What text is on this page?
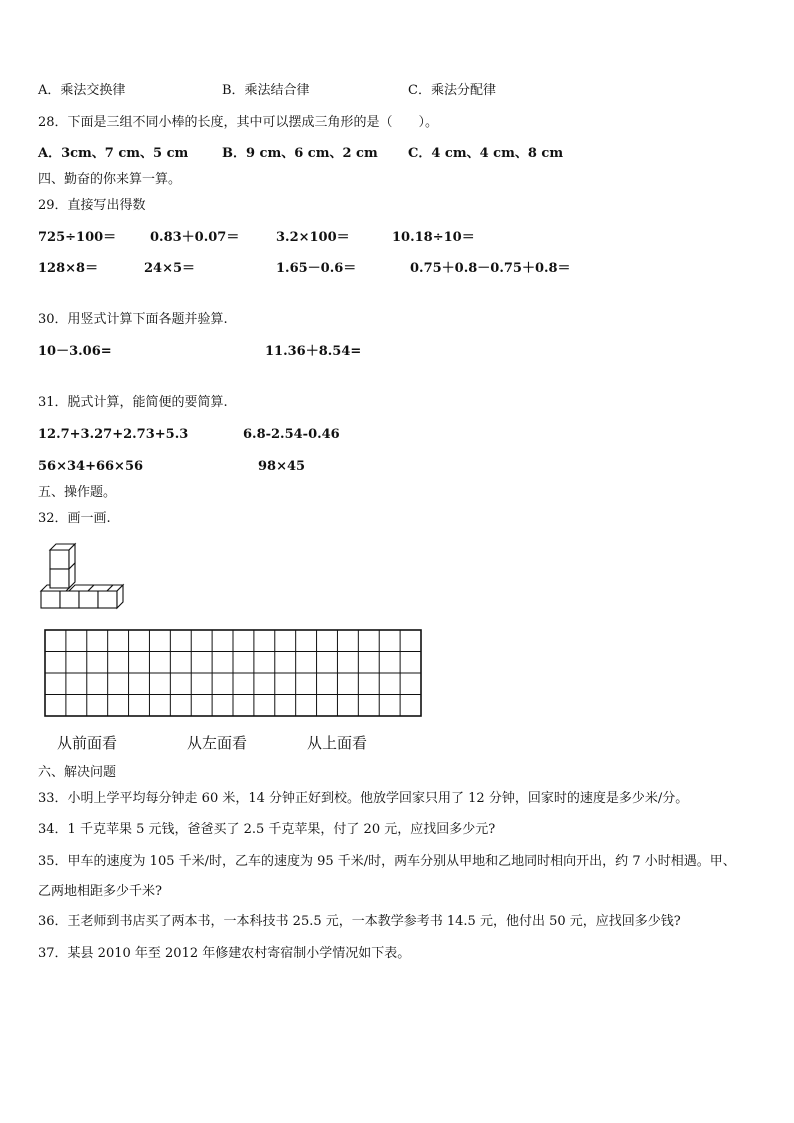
A．乘法交换律	B．乘法结合律	C．乘法分配律
28．下面是三组不同小棒的长度，其中可以摆成三角形的是（　　）。
A．3cm、7 cm、5 cm	B．9 cm、6 cm、2 cm C．4 cm、4 cm、8 cm
四、勤奋的你来算一算。
29．直接写出得数
725÷100＝	0.83＋0.07＝	3.2×100＝	10.18÷10＝
128×8＝	24×5＝	1.65－0.6＝	0.75＋0.8－0.75＋0.8＝
30．用竖式计算下面各题并验算.
10－3.06=	11.36＋8.54=
31．脱式计算，能简便的要简算.
12.7+3.27+2.73+5.3	6.8-2.54-0.46
56×34+66×56	98×45
五、操作题。
32．画一画.
从前面看	从左面看	从上面看
六、解决问题
33．小明上学平均每分钟走 60 米，14 分钟正好到校。他放学回家只用了 12 分钟，回家时的速度是多少米/分。
34．1 千克苹果 5 元钱，爸爸买了 2.5 千克苹果，付了 20 元，应找回多少元?
35．甲车的速度为 105 千米/时，乙车的速度为 95 千米/时，两车分别从甲地和乙地同时相向开出，约 7 小时相遇。甲、
乙两地相距多少千米?
36．王老师到书店买了两本书，一本科技书 25.5 元，一本教学参考书 14.5 元，他付出 50 元，应找回多少钱?
37．某县 2010 年至 2012 年修建农村寄宿制小学情况如下表。
